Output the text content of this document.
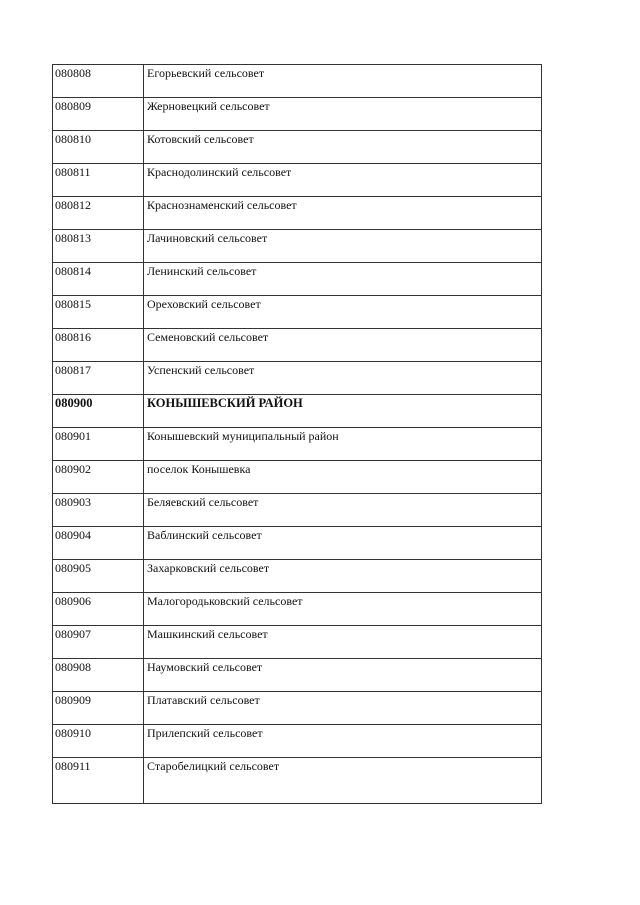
080808	Егорьевский сельсовет
080809	Жерновецкий сельсовет
080810	Котовский сельсовет
080811	Краснодолинский сельсовет
080812	Краснознаменский сельсовет
080813	Лачиновский сельсовет
080814	Ленинский сельсовет
080815	Ореховский сельсовет
080816	Семеновский сельсовет
080817	Успенский сельсовет
080900	КОНЫШЕВСКИЙ РАЙОН
080901	Конышевский муниципальный район
080902	поселок Конышевка
080903	Беляевский сельсовет
080904	Ваблинский сельсовет
080905	Захарковский сельсовет
080906	Малогородьковский сельсовет
080907	Машкинский сельсовет
080908	Наумовский сельсовет
080909	Платавский сельсовет
080910	Прилепский сельсовет
080911	Старобелицкий сельсовет
